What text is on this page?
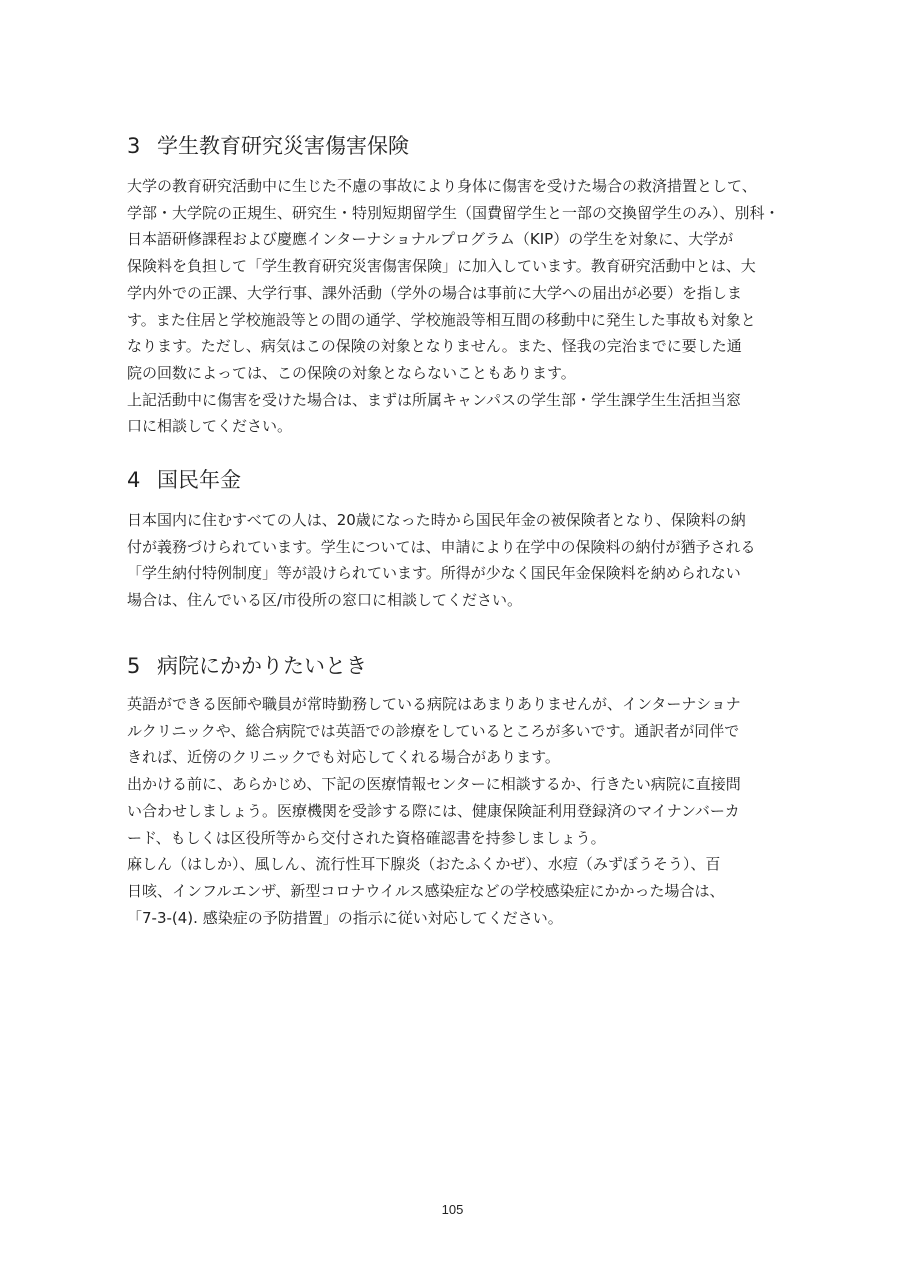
3 学生教育研究災害傷害保険

大学の教育研究活動中に生じた不慮の事故により身体に傷害を受けた場合の救済措置として、
学部・大学院の正規生、研究生・特別短期留学生（国費留学生と一部の交換留学生のみ）、別科・
日本語研修課程および慶應インターナショナルプログラム（KIP）の学生を対象に、大学が
保険料を負担して「学生教育研究災害傷害保険」に加入しています。教育研究活動中とは、大
学内外での正課、大学行事、課外活動（学外の場合は事前に大学への届出が必要）を指しま
す。また住居と学校施設等との間の通学、学校施設等相互間の移動中に発生した事故も対象と
なります。ただし、病気はこの保険の対象となりません。また、怪我の完治までに要した通
院の回数によっては、この保険の対象とならないこともあります。
上記活動中に傷害を受けた場合は、まずは所属キャンパスの学生部・学生課学生生活担当窓
口に相談してください。

4 国民年金

日本国内に住むすべての人は、20歳になった時から国民年金の被保険者となり、保険料の納
付が義務づけられています。学生については、申請により在学中の保険料の納付が猶予される
「学生納付特例制度」等が設けられています。所得が少なく国民年金保険料を納められない
場合は、住んでいる区/市役所の窓口に相談してください。

5 病院にかかりたいとき

英語ができる医師や職員が常時勤務している病院はあまりありませんが、インターナショナ
ルクリニックや、総合病院では英語での診療をしているところが多いです。通訳者が同伴で
きれば、近傍のクリニックでも対応してくれる場合があります。
出かける前に、あらかじめ、下記の医療情報センターに相談するか、行きたい病院に直接問
い合わせしましょう。医療機関を受診する際には、健康保険証利用登録済のマイナンバーカ
ード、もしくは区役所等から交付された資格確認書を持参しましょう。
麻しん（はしか）、風しん、流行性耳下腺炎（おたふくかぜ）、水痘（みずぼうそう）、百
日咳、インフルエンザ、新型コロナウイルス感染症などの学校感染症にかかった場合は、
「7-3-(4). 感染症の予防措置」の指示に従い対応してください。

105
